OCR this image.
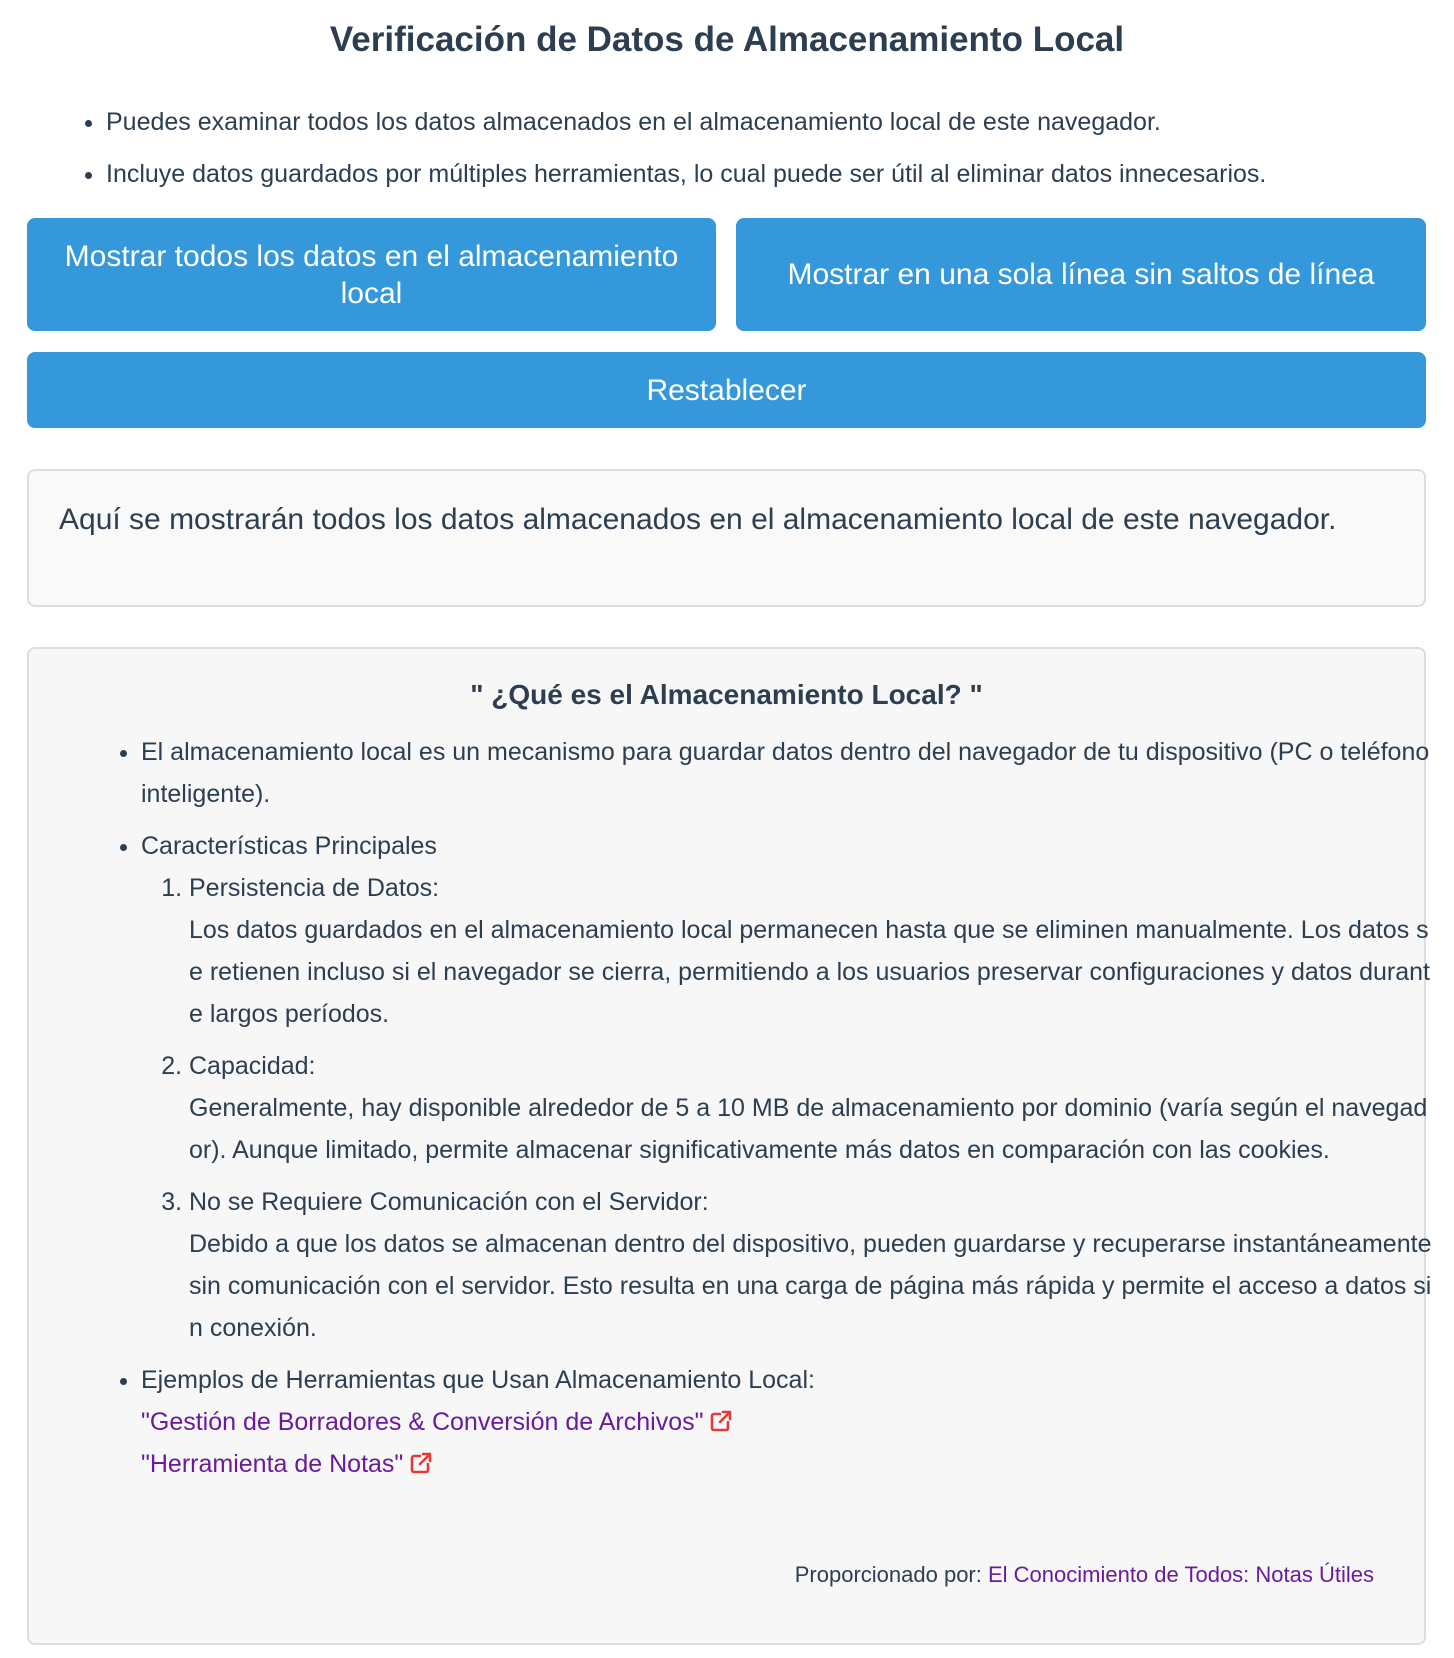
Verificación de Datos de Almacenamiento Local
• Puedes examinar todos los datos almacenados en el almacenamiento local de este navegador.
• Incluye datos guardados por múltiples herramientas, lo cual puede ser útil al eliminar datos innecesarios.
Mostrar todos los datos en el almacenamiento local
Mostrar en una sola línea sin saltos de línea
Restablecer
Aquí se mostrarán todos los datos almacenados en el almacenamiento local de este navegador.
" ¿Qué es el Almacenamiento Local? "
• El almacenamiento local es un mecanismo para guardar datos dentro del navegador de tu dispositivo (PC o teléfono inteligente).
• Características Principales
1. Persistencia de Datos:
Los datos guardados en el almacenamiento local permanecen hasta que se eliminen manualmente. Los datos se retienen incluso si el navegador se cierra, permitiendo a los usuarios preservar configuraciones y datos durante largos períodos.
2. Capacidad:
Generalmente, hay disponible alrededor de 5 a 10 MB de almacenamiento por dominio (varía según el navegador). Aunque limitado, permite almacenar significativamente más datos en comparación con las cookies.
3. No se Requiere Comunicación con el Servidor:
Debido a que los datos se almacenan dentro del dispositivo, pueden guardarse y recuperarse instantáneamente sin comunicación con el servidor. Esto resulta en una carga de página más rápida y permite el acceso a datos sin conexión.
• Ejemplos de Herramientas que Usan Almacenamiento Local:
"Gestión de Borradores & Conversión de Archivos"
"Herramienta de Notas"
Proporcionado por: El Conocimiento de Todos: Notas Útiles
